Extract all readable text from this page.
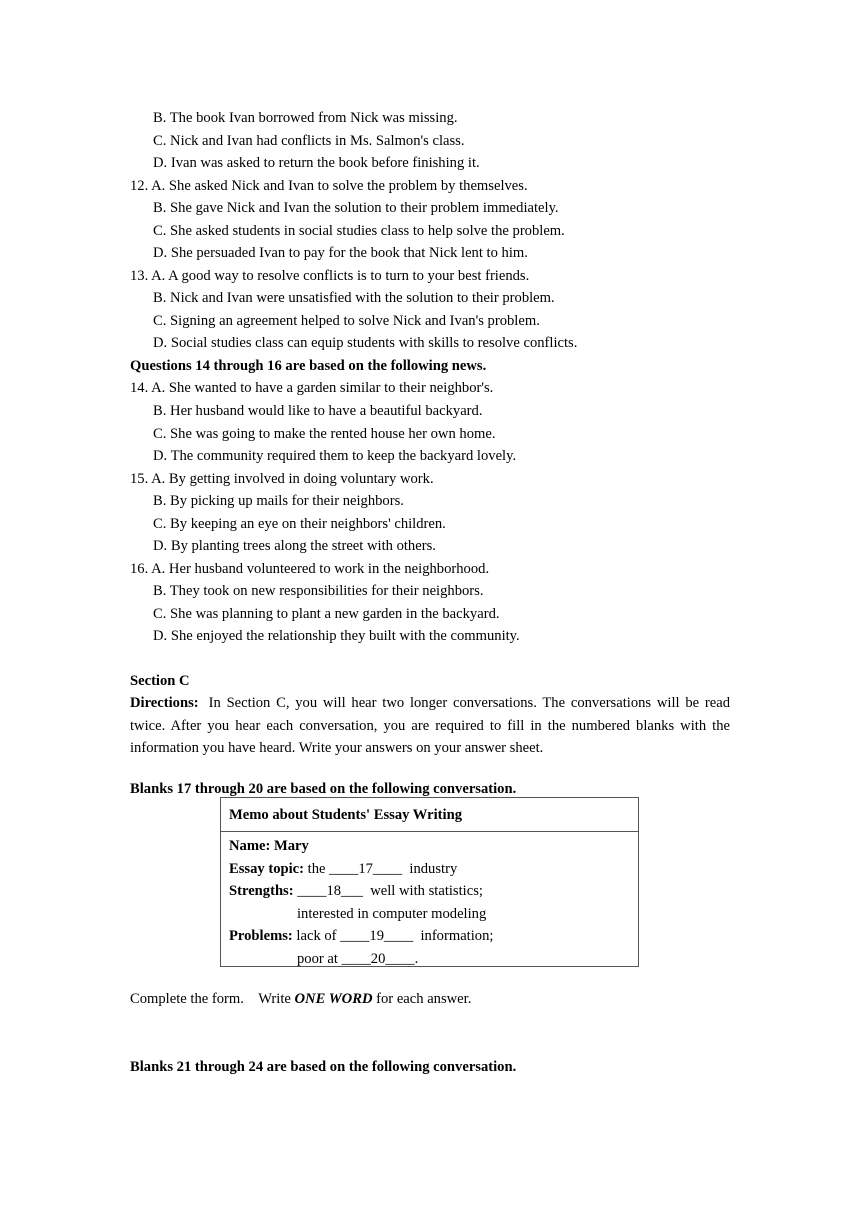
B. The book Ivan borrowed from Nick was missing.
C. Nick and Ivan had conflicts in Ms. Salmon's class.
D. Ivan was asked to return the book before finishing it.
12. A. She asked Nick and Ivan to solve the problem by themselves.
B. She gave Nick and Ivan the solution to their problem immediately.
C. She asked students in social studies class to help solve the problem.
D. She persuaded Ivan to pay for the book that Nick lent to him.
13. A. A good way to resolve conflicts is to turn to your best friends.
B. Nick and Ivan were unsatisfied with the solution to their problem.
C. Signing an agreement helped to solve Nick and Ivan's problem.
D. Social studies class can equip students with skills to resolve conflicts.
Questions 14 through 16 are based on the following news.
14. A. She wanted to have a garden similar to their neighbor's.
B. Her husband would like to have a beautiful backyard.
C. She was going to make the rented house her own home.
D. The community required them to keep the backyard lovely.
15. A. By getting involved in doing voluntary work.
B. By picking up mails for their neighbors.
C. By keeping an eye on their neighbors' children.
D. By planting trees along the street with others.
16. A. Her husband volunteered to work in the neighborhood.
B. They took on new responsibilities for their neighbors.
C. She was planning to plant a new garden in the backyard.
D. She enjoyed the relationship they built with the community.
Section C
Directions: In Section C, you will hear two longer conversations. The conversations will be read twice. After you hear each conversation, you are required to fill in the numbered blanks with the information you have heard. Write your answers on your answer sheet.
Blanks 17 through 20 are based on the following conversation.
Memo about Students' Essay Writing
Name: Mary
Essay topic: the ____17____  industry
Strengths: ____18___  well with statistics;
interested in computer modeling
Problems: lack of ____19____  information;
poor at ____20____.
Complete the form.    Write ONE WORD for each answer.
Blanks 21 through 24 are based on the following conversation.
